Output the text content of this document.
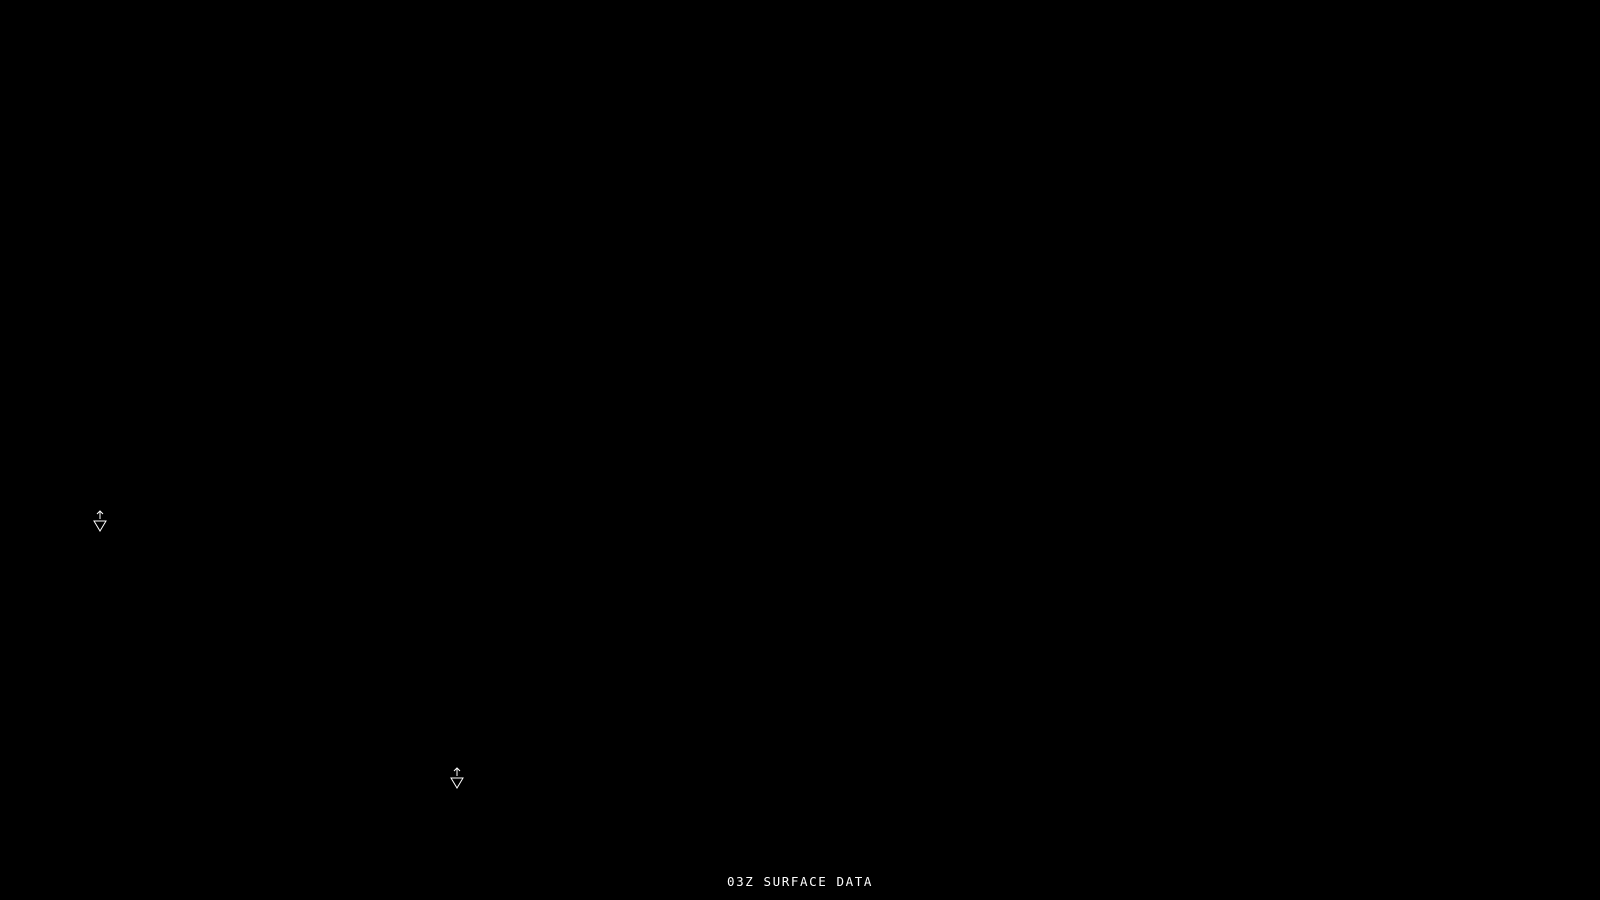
03Z SURFACE DATA
